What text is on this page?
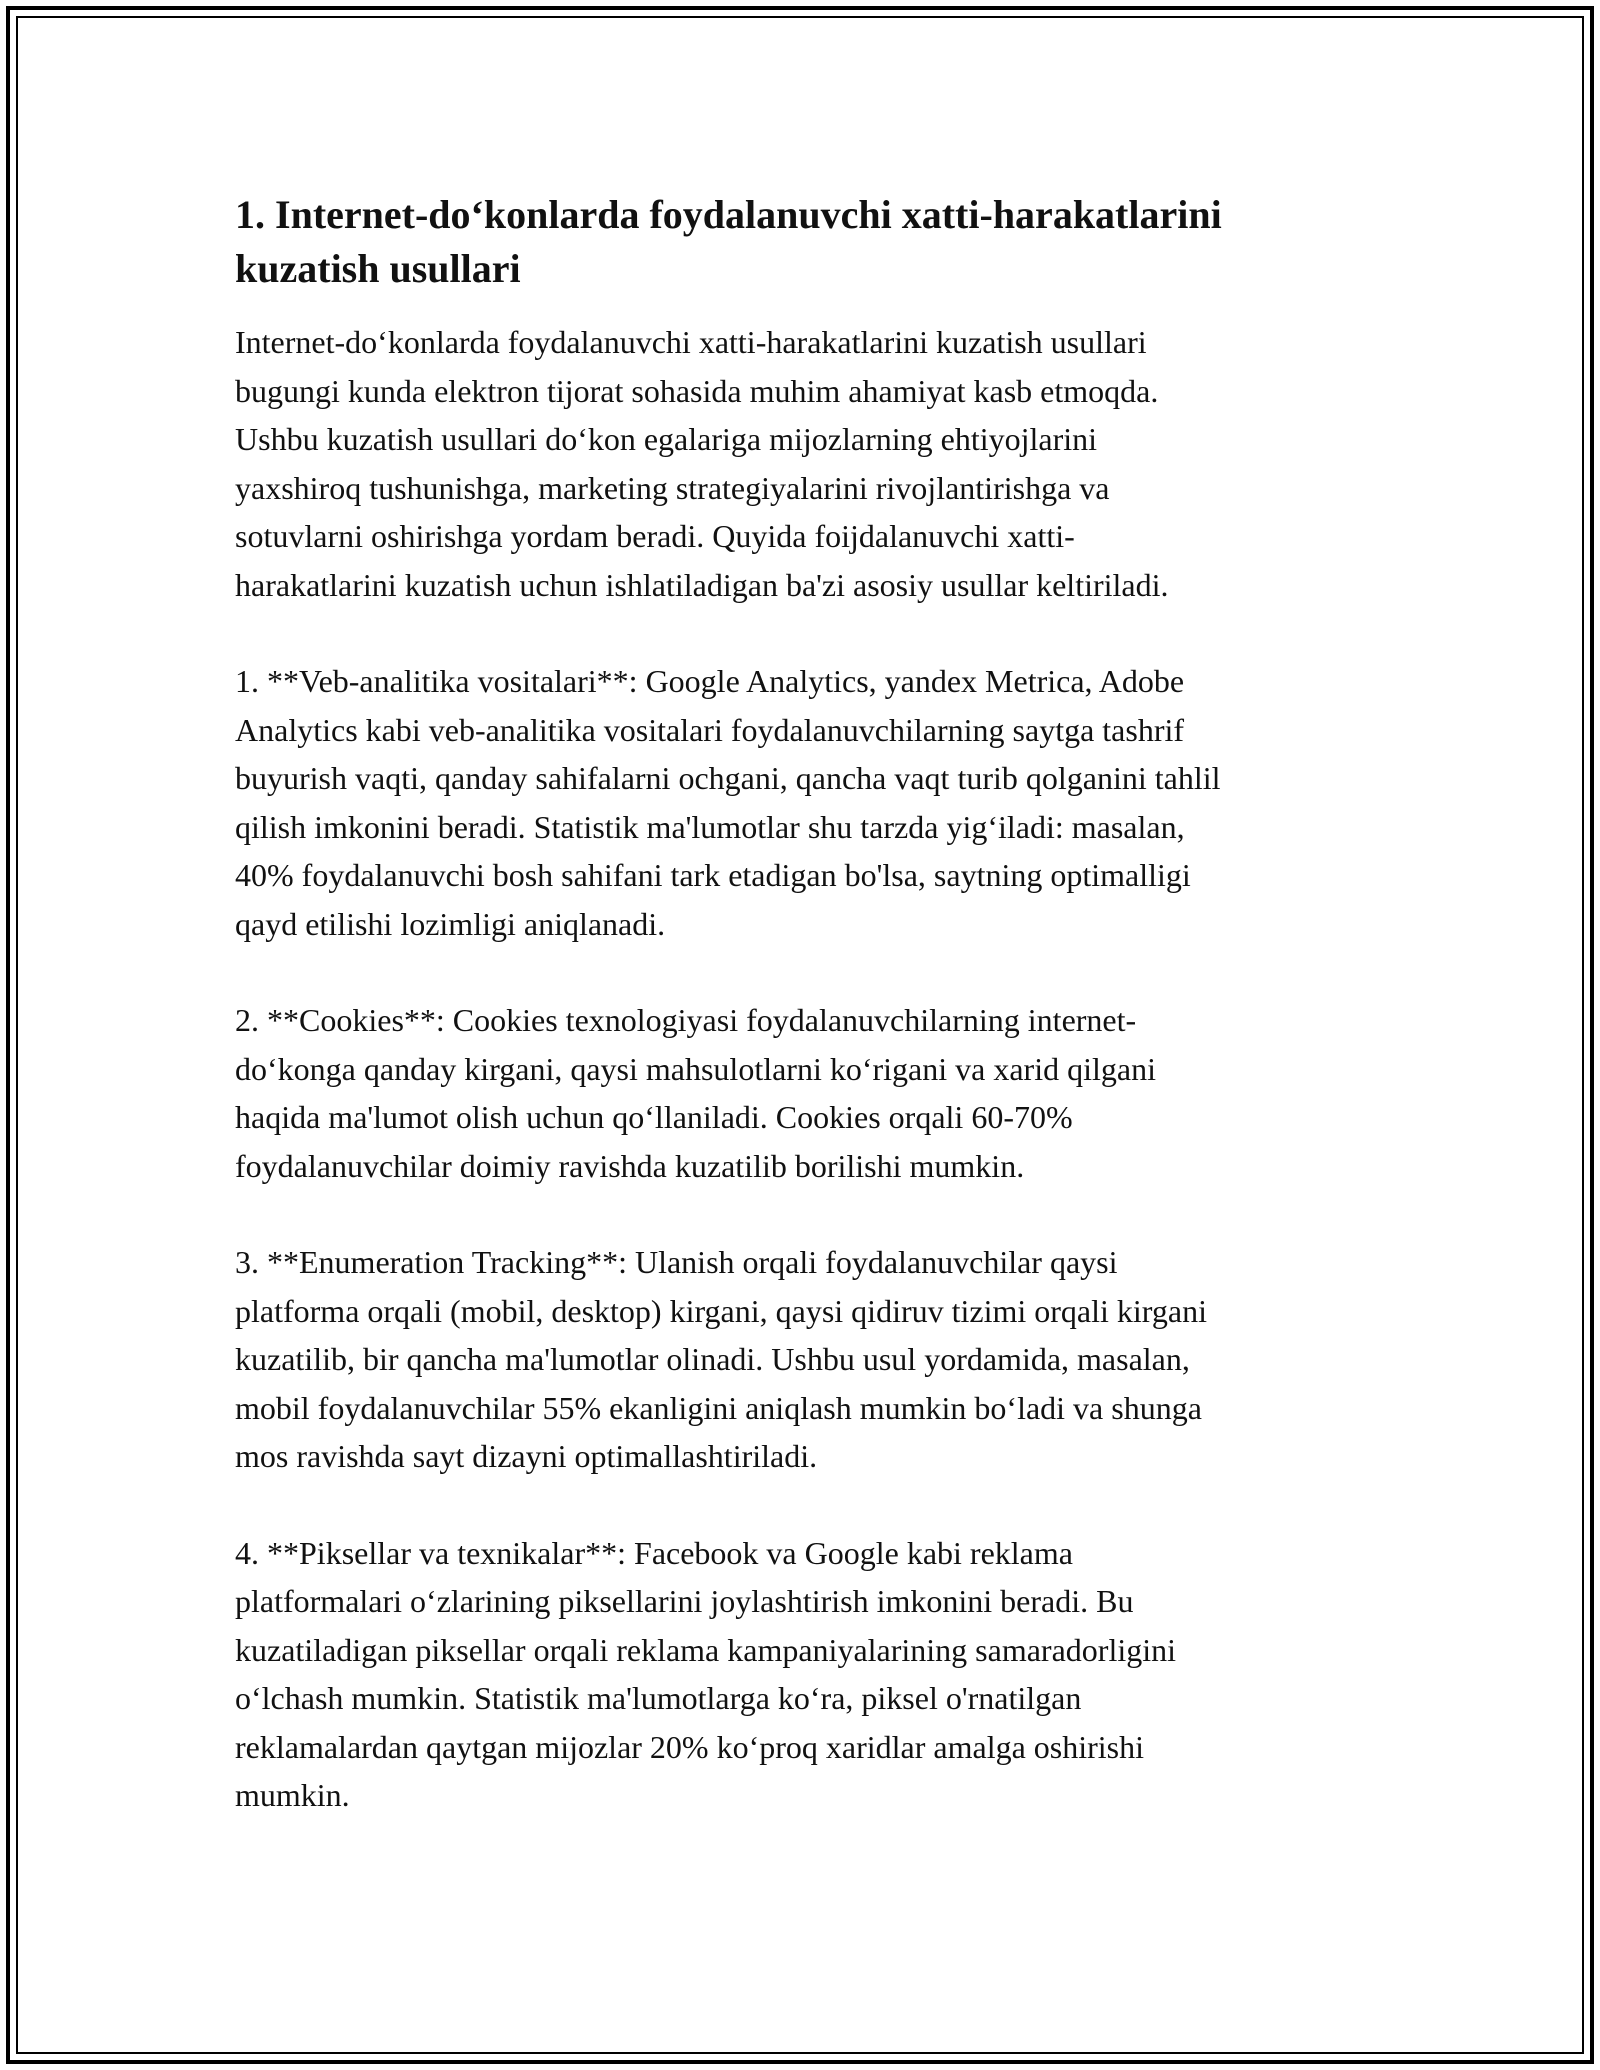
1. Internet-do‘konlarda foydalanuvchi xatti-harakatlarini
kuzatish usullari

Internet-do‘konlarda foydalanuvchi xatti-harakatlarini kuzatish usullari
bugungi kunda elektron tijorat sohasida muhim ahamiyat kasb etmoqda.
Ushbu kuzatish usullari do‘kon egalariga mijozlarning ehtiyojlarini
yaxshiroq tushunishga, marketing strategiyalarini rivojlantirishga va
sotuvlarni oshirishga yordam beradi. Quyida foijdalanuvchi xatti-
harakatlarini kuzatish uchun ishlatiladigan ba'zi asosiy usullar keltiriladi.

1. **Veb-analitika vositalari**: Google Analytics, yandex Metrica, Adobe
Analytics kabi veb-analitika vositalari foydalanuvchilarning saytga tashrif
buyurish vaqti, qanday sahifalarni ochgani, qancha vaqt turib qolganini tahlil
qilish imkonini beradi. Statistik ma'lumotlar shu tarzda yig‘iladi: masalan,
40% foydalanuvchi bosh sahifani tark etadigan bo'lsa, saytning optimalligi
qayd etilishi lozimligi aniqlanadi.

2. **Cookies**: Cookies texnologiyasi foydalanuvchilarning internet-
do‘konga qanday kirgani, qaysi mahsulotlarni ko‘rigani va xarid qilgani
haqida ma'lumot olish uchun qo‘llaniladi. Cookies orqali 60-70%
foydalanuvchilar doimiy ravishda kuzatilib borilishi mumkin.

3. **Enumeration Tracking**: Ulanish orqali foydalanuvchilar qaysi
platforma orqali (mobil, desktop) kirgani, qaysi qidiruv tizimi orqali kirgani
kuzatilib, bir qancha ma'lumotlar olinadi. Ushbu usul yordamida, masalan,
mobil foydalanuvchilar 55% ekanligini aniqlash mumkin bo‘ladi va shunga
mos ravishda sayt dizayni optimallashtiriladi.

4. **Piksellar va texnikalar**: Facebook va Google kabi reklama
platformalari o‘zlarining piksellarini joylashtirish imkonini beradi. Bu
kuzatiladigan piksellar orqali reklama kampaniyalarining samaradorligini
o‘lchash mumkin. Statistik ma'lumotlarga ko‘ra, piksel o'rnatilgan
reklamalardan qaytgan mijozlar 20% ko‘proq xaridlar amalga oshirishi
mumkin.
